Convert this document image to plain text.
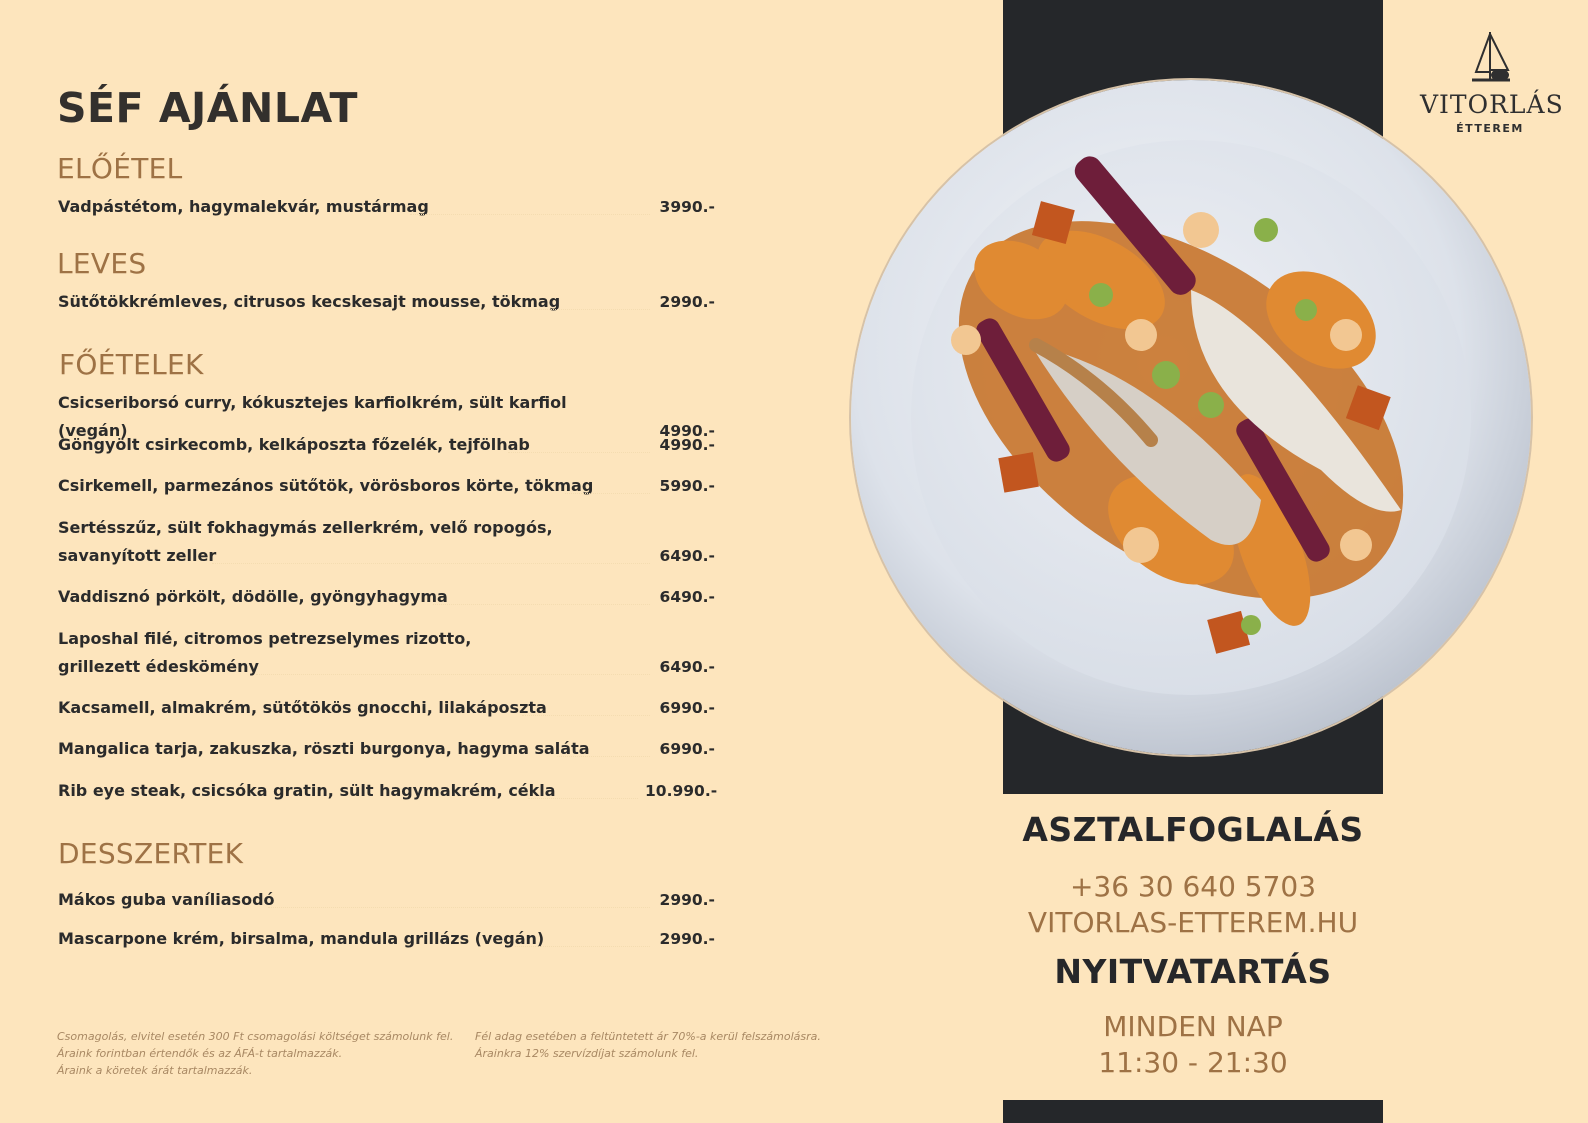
SÉF AJÁNLAT
ELŐÉTEL
Vadpástétom, hagymalekvár, mustármag	3990.-
LEVES
Sütőtökkrémleves, citrusos kecskesajt mousse, tökmag	2990.-
FŐÉTELEK
Csicseriborsó curry, kókusztejes karfiolkrém, sült karfiol (vegán)	4990.-
Göngyölt csirkecomb, kelkáposzta főzelék, tejfölhab	4990.-
Csirkemell, parmezános sütőtök, vörösboros körte, tökmag	5990.-
Sertésszűz, sült fokhagymás zellerkrém, velő ropogós,
savanyított zeller	6490.-
Vaddisznó pörkölt, dödölle, gyöngyhagyma	6490.-
Laposhal filé, citromos petrezselymes rizotto,
grillezett édeskömény	6490.-
Kacsamell, almakrém, sütőtökös gnocchi, lilakáposzta	6990.-
Mangalica tarja, zakuszka, röszti burgonya, hagyma saláta	6990.-
Rib eye steak, csicsóka gratin, sült hagymakrém, cékla	10.990.-
DESSZERTEK
Mákos guba vaníliasodó	2990.-
Mascarpone krém, birsalma, mandula grillázs (vegán)	2990.-
Csomagolás, elvitel esetén 300 Ft csomagolási költséget számolunk fel.
Áraink forintban értendők és az ÁFÁ-t tartalmazzák.
Áraink a köretek árát tartalmazzák.
Fél adag esetében a feltüntetett ár 70%-a kerül felszámolásra.
Árainkra 12% szervízdíjat számolunk fel.
VITORLÁS
ÉTTEREM
ASZTALFOGLALÁS
+36 30 640 5703
VITORLAS-ETTEREM.HU
NYITVATARTÁS
MINDEN NAP
11:30 - 21:30
